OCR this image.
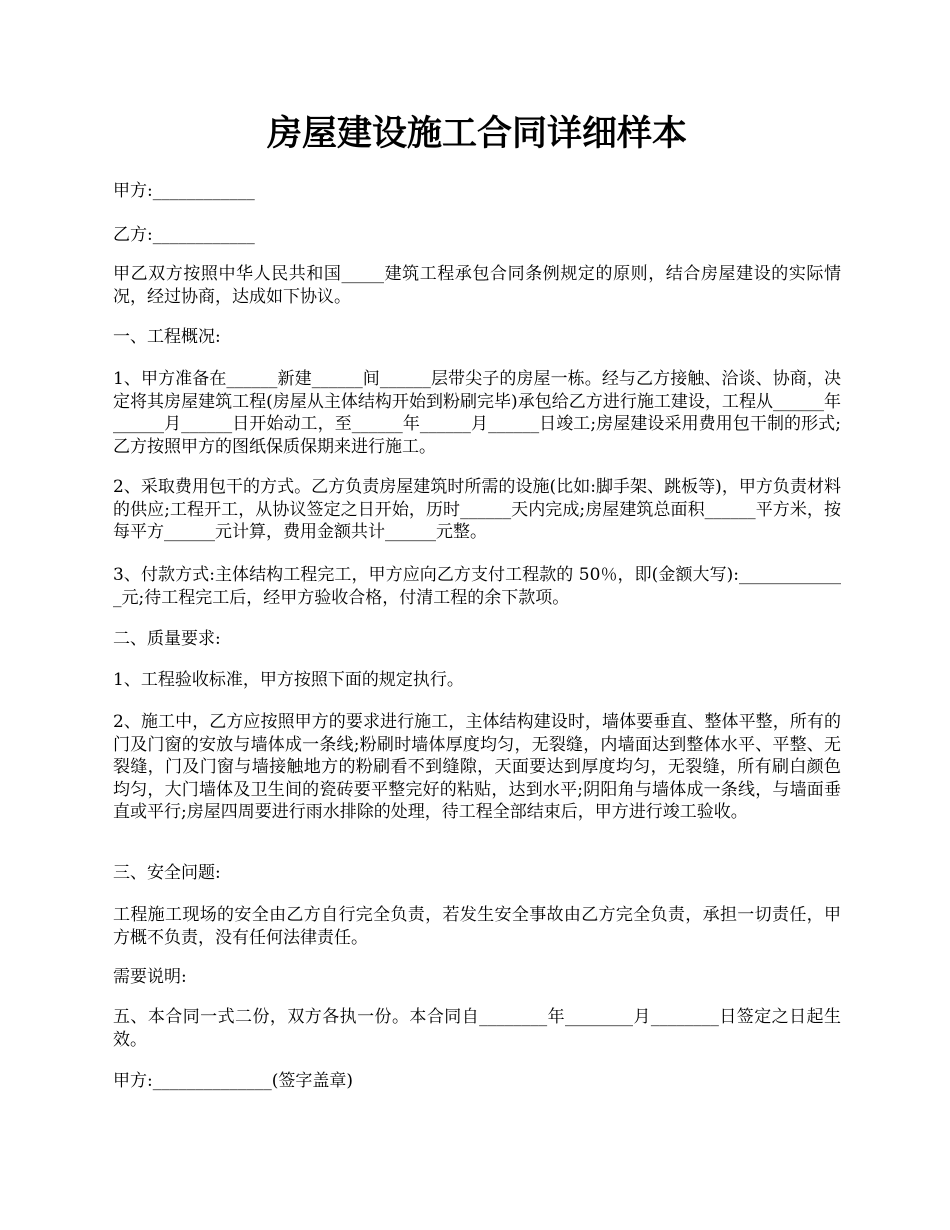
房屋建设施工合同详细样本

甲方:____________

乙方:____________

甲乙双方按照中华人民共和国_____建筑工程承包合同条例规定的原则，结合房屋建设的实际情况，经过协商，达成如下协议。

一、工程概况:

1、甲方准备在______新建______间______层带尖子的房屋一栋。经与乙方接触、洽谈、协商，决定将其房屋建筑工程(房屋从主体结构开始到粉刷完毕)承包给乙方进行施工建设，工程从______年______月______日开始动工，至______年______月______日竣工;房屋建设采用费用包干制的形式;乙方按照甲方的图纸保质保期来进行施工。

2、采取费用包干的方式。乙方负责房屋建筑时所需的设施(比如:脚手架、跳板等)，甲方负责材料的供应;工程开工，从协议签定之日开始，历时______天内完成;房屋建筑总面积______平方米，按每平方______元计算，费用金额共计______元整。

3、付款方式:主体结构工程完工，甲方应向乙方支付工程款的 50％，即(金额大写):_____________元;待工程完工后，经甲方验收合格，付清工程的余下款项。

二、质量要求:

1、工程验收标准，甲方按照下面的规定执行。

2、施工中，乙方应按照甲方的要求进行施工，主体结构建设时，墙体要垂直、整体平整，所有的门及门窗的安放与墙体成一条线;粉刷时墙体厚度均匀，无裂缝，内墙面达到整体水平、平整、无裂缝，门及门窗与墙接触地方的粉刷看不到缝隙，天面要达到厚度均匀，无裂缝，所有刷白颜色均匀，大门墙体及卫生间的瓷砖要平整完好的粘贴，达到水平;阴阳角与墙体成一条线，与墙面垂直或平行;房屋四周要进行雨水排除的处理，待工程全部结束后，甲方进行竣工验收。

三、安全问题:

工程施工现场的安全由乙方自行完全负责，若发生安全事故由乙方完全负责，承担一切责任，甲方概不负责，没有任何法律责任。

需要说明:

五、本合同一式二份，双方各执一份。本合同自________年________月________日签定之日起生效。

甲方:______________(签字盖章)
